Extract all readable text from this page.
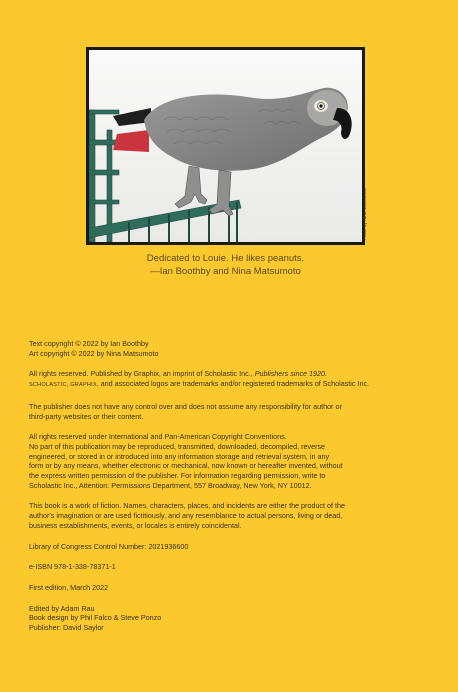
Photo by Nina Matsumoto
Dedicated to Louie. He likes peanuts.
—Ian Boothby and Nina Matsumoto
Text copyright © 2022 by Ian Boothby
Art copyright © 2022 by Nina Matsumoto
All rights reserved. Published by Graphix, an imprint of Scholastic Inc., Publishers since 1920.
SCHOLASTIC, GRAPHIX, and associated logos are trademarks and/or registered trademarks of Scholastic Inc.
The publisher does not have any control over and does not assume any responsibility for author or
third-party websites or their content.
All rights reserved under International and Pan-American Copyright Conventions.
No part of this publication may be reproduced, transmitted, downloaded, decompiled, reverse
engineered, or stored in or introduced into any information storage and retrieval system, in any
form or by any means, whether electronic or mechanical, now known or hereafter invented, without
the express written permission of the publisher. For information regarding permission, write to
Scholastic Inc., Attention: Permissions Department, 557 Broadway, New York, NY 10012.
This book is a work of fiction. Names, characters, places, and incidents are either the product of the
author's imagination or are used fictitiously, and any resemblance to actual persons, living or dead,
business establishments, events, or locales is entirely coincidental.
Library of Congress Control Number: 2021936600
e-ISBN 978-1-338-78371-1
First edition, March 2022
Edited by Adam Rau
Book design by Phil Falco & Steve Ponzo
Publisher: David Saylor
